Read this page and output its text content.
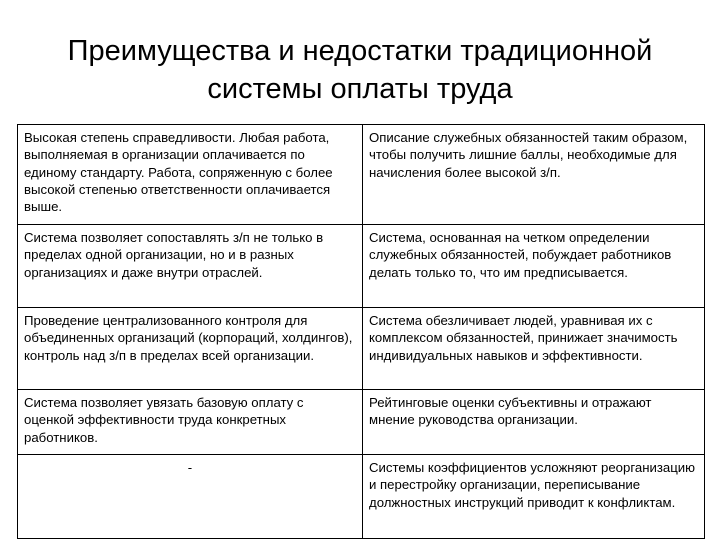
Преимущества и недостатки традиционной
системы оплаты труда
Высокая степень справедливости. Любая работа, выполняемая в организации оплачивается по единому стандарту. Работа, сопряженную с более высокой степенью ответственности оплачивается выше.	Описание служебных обязанностей таким образом, чтобы получить лишние баллы, необходимые для начисления более высокой з/п.
Система позволяет сопоставлять з/п не только в пределах одной организации, но и в разных организациях и даже внутри отраслей.	Система, основанная на четком определении служебных обязанностей, побуждает работников делать только то, что им предписывается.
Проведение централизованного контроля для объединенных организаций (корпораций, холдингов), контроль над з/п в пределах всей организации.	Система обезличивает людей, уравнивая их с комплексом обязанностей, принижает значимость индивидуальных навыков и эффективности.
Система позволяет увязать базовую оплату с оценкой эффективности труда конкретных работников.	Рейтинговые оценки субъективны и отражают мнение руководства организации.
-	Системы коэффициентов усложняют реорганизацию и перестройку организации, переписывание должностных инструкций приводит к конфликтам.
